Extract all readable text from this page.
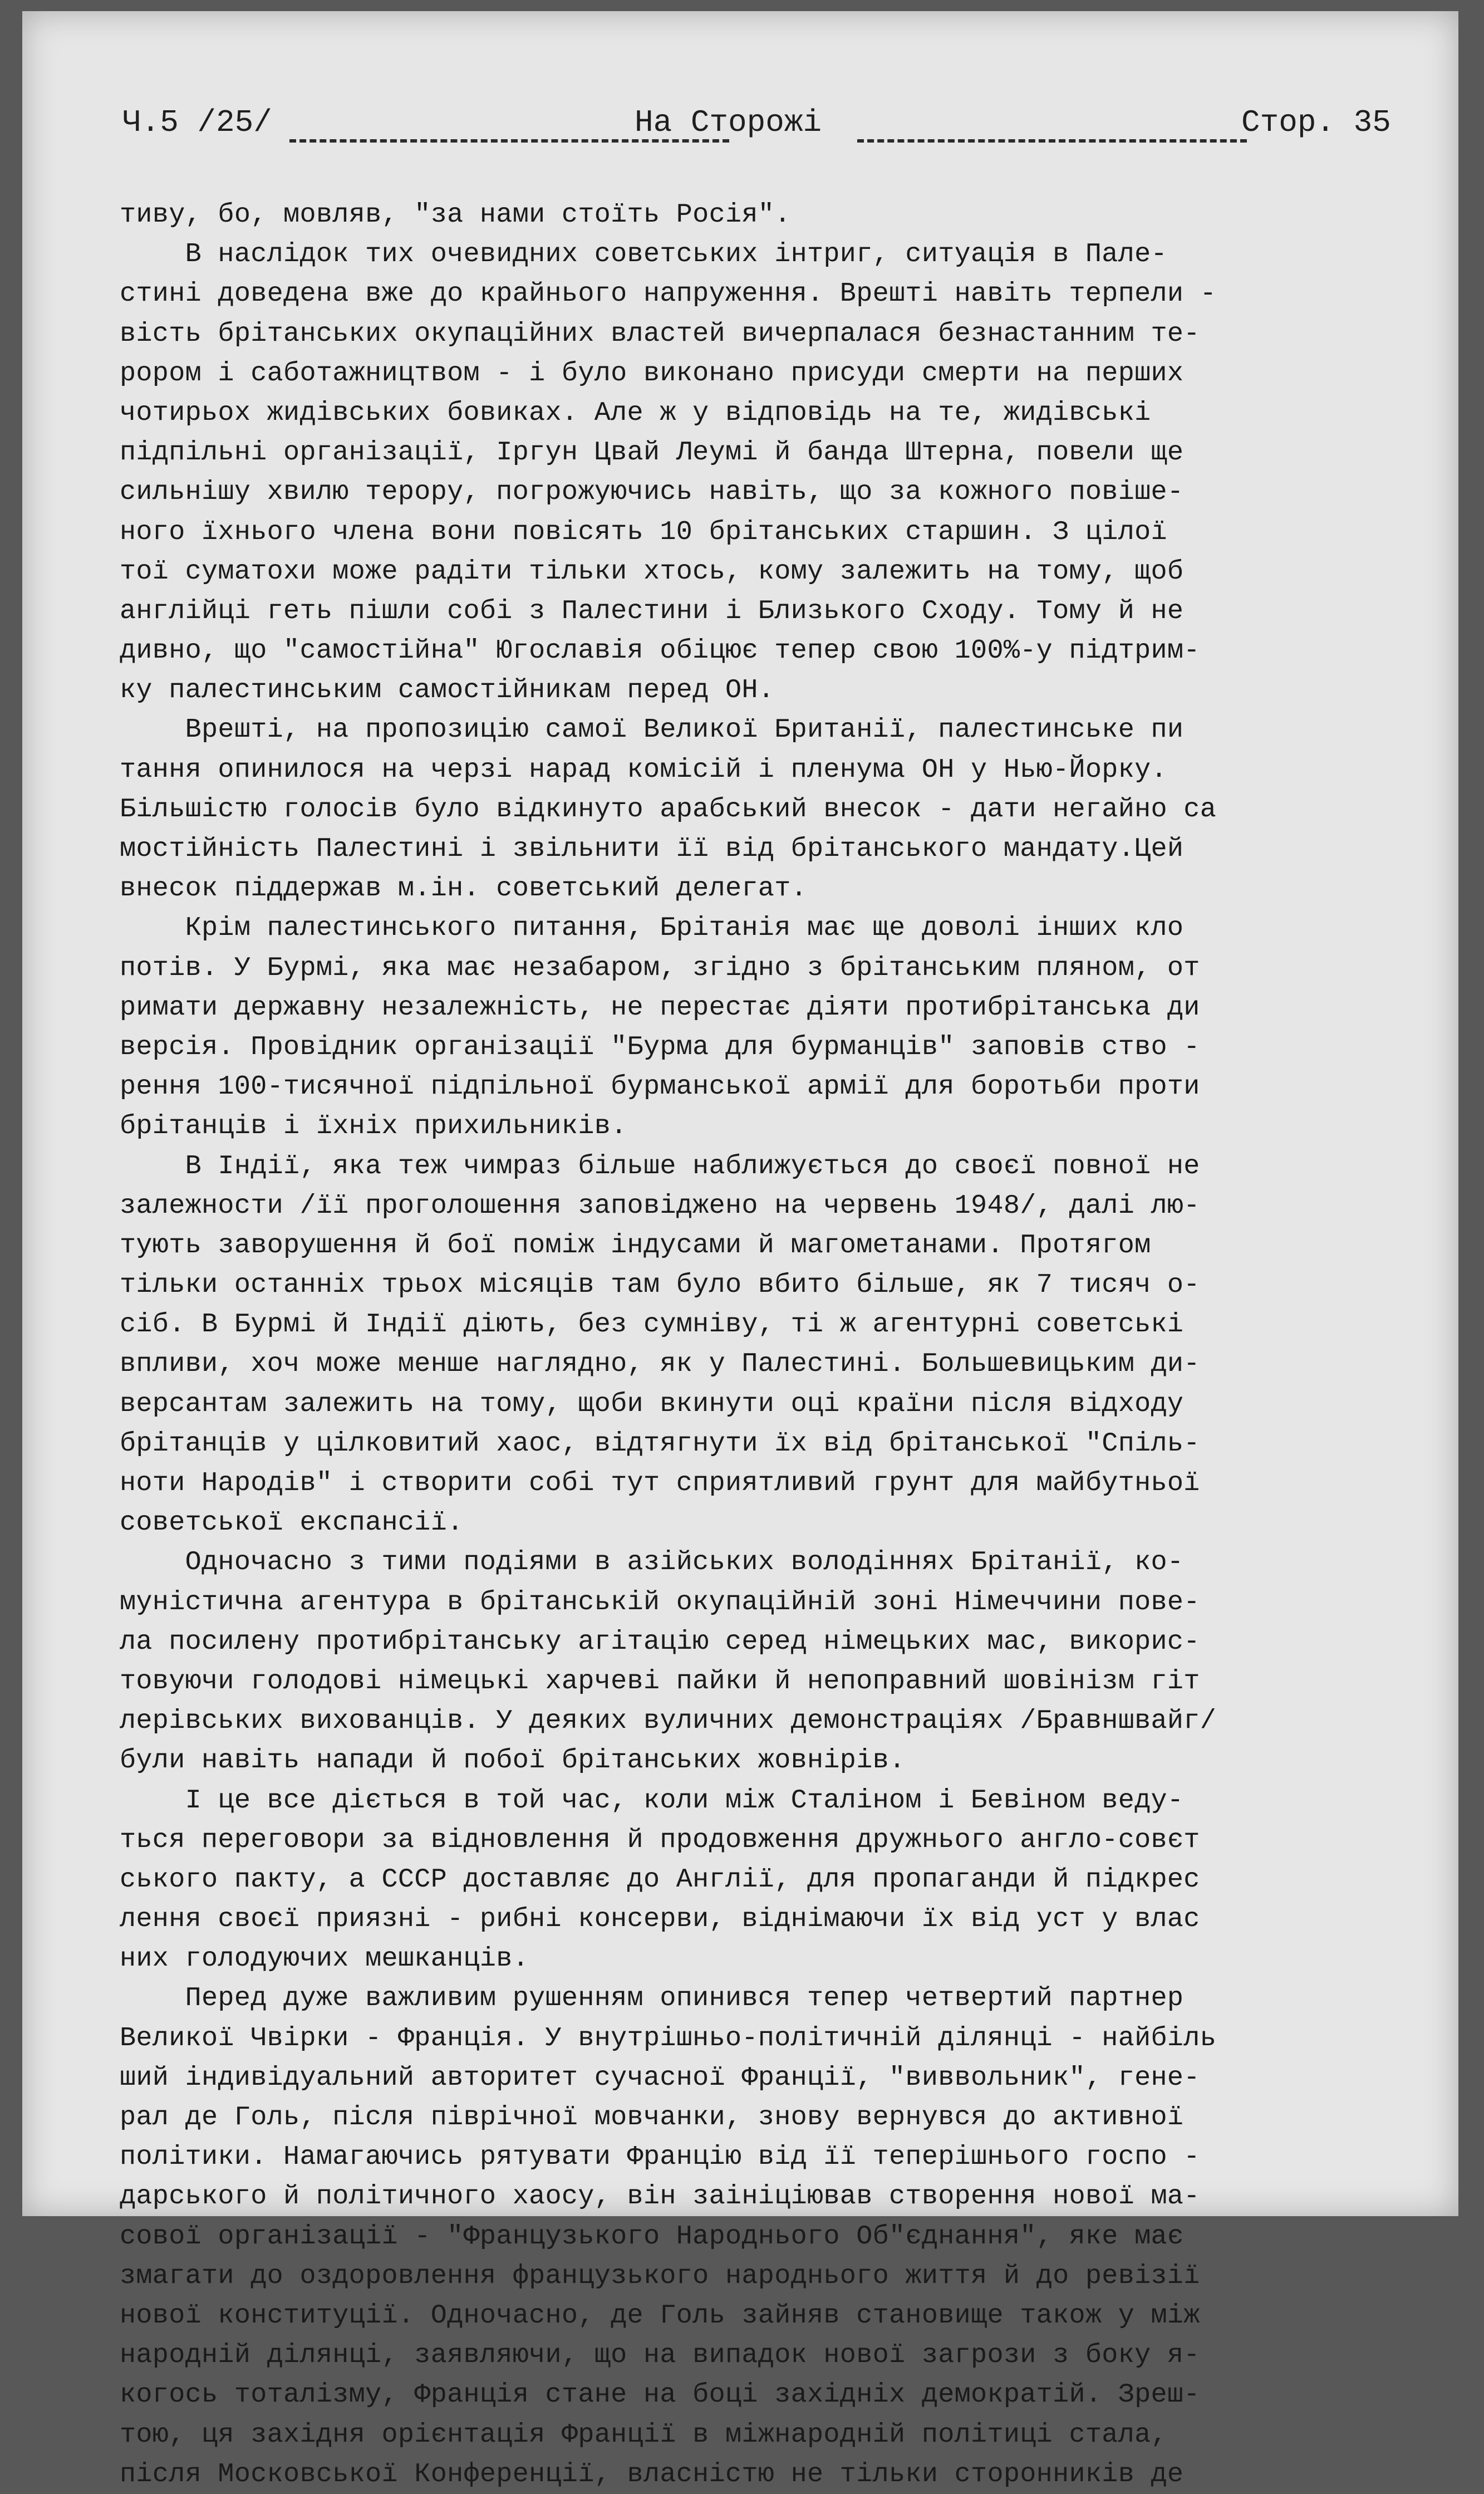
Ч.5 /25/	На Сторожі	Стор. 35
тиву, бо, мовляв, "за нами стоїть Росія".
В наслідок тих очевидних советських інтриг, ситуація в Пале-
стині доведена вже до крайнього напруження. Врешті навіть терпели -
вість брітанських окупаційних властей вичерпалася безнастанним те-
рором і саботажництвом - і було виконано присуди смерти на перших
чотирьох жидівських бoвиках. Але ж у відповідь на те, жидівські
підпільні організації, Іргун Цвай Леумі й банда Штерна, повели ще
сильнішу хвилю терору, погрожуючись навіть, що за кожного повіше-
ного їхнього члена вони повісять 10 брітанських старшин. З цілої
тої суматохи може радіти тільки хтось, кому залежить на тому, щоб
англійці геть пішли собі з Палестини і Близького Сходу. Тому й не
дивно, що "самостійна" Югославія обіцює тепер свою 100%-у підтрим-
ку палестинським самостійникам перед ОН.
Врешті, на пропозицію самої Великої Британії, палестинське пи
тання опинилося на черзі нарад комісій і пленума ОН у Нью-Йорку.
Більшістю голосів було відкинуто арабський внесок - дати негайно са
мостійність Палестині і звільнити її від брітанського мандату.Цей
внесок піддержав м.ін. советський делегат.
Крім палестинського питання, Брітанія має ще доволі інших кло
потів. У Бурмі, яка має незабаром, згідно з брітанським пляном, от
римати державну незалежність, не перестає діяти протибрітанська ди
версія. Провідник організації "Бурма для бурманців" заповів ство -
рення 100-тисячної підпільної бурманської армії для боротьби проти
брітанців і їхніх прихильників.
В Індії, яка теж чимраз більше наближується до своєї повної не
залежности /її проголошення заповіджено на червень 1948/, далі лю-
тують заворушення й бої поміж індусами й магометанами. Протягом
тільки останніх трьох місяців там було вбито більше, як 7 тисяч о-
сіб. В Бурмі й Індії діють, без сумніву, ті ж агентурні советські
впливи, хоч може менше наглядно, як у Палестині. Большевицьким ди-
версантам залежить на тому, щоби вкинути оці країни після відходу
брітанців у цілковитий хаос, відтягнути їх від брітанської "Спіль-
ноти Народів" і створити собі тут сприятливий грунт для майбутньої
советської експансії.
Одночасно з тими подіями в азійських володіннях Брітанії, ко-
муністична агентура в брітанській окупаційній зоні Німеччини пове-
ла посилену протибрітанську агітацію серед німецьких мас, викорис-
товуючи голодові німецькі харчеві пайки й непоправний шовінізм гіт
лерівських вихованців. У деяких вуличних демонстраціях /Бравншвайг/
були навіть напади й побої брітанських жовнірів.
І це все діється в той час, коли між Сталіном і Бевіном веду-
ться переговори за відновлення й продовження дружнього англо-совєт
ського пакту, а СССР доставляє до Англії, для пропаганди й підкрес
лення своєї приязні - рибні консерви, віднімаючи їх від уст у влас
них голодуючих мешканців.
Перед дуже важливим рушенням опинився тепер четвертий партнер
Великої Чвірки - Франція. У внутрішньо-політичній ділянці - найбіль
ший індивідуальний авторитет сучасної Франції, "виввольник", гене-
рал де Голь, після піврічної мовчанки, знову вернувся до активної
політики. Намагаючись рятувати Францію від її теперішнього госпо -
дарського й політичного хаосу, він заініціював створення нової ма-
сової організації - "Французького Народнього Об"єднання", яке має
змагати до оздоровлення французького народнього життя й до ревізії
нової конституції. Одночасно, де Голь зайняв становище також у між
народній ділянці, заявляючи, що на випадок нової загрози з боку я-
когось тоталізму, Франція стане на боці західніх демократій. Зреш-
тою, ця західня орієнтація Франції в міжнародній політиці стала,
після Московської Конференції, власністю не тільки сторонників де
